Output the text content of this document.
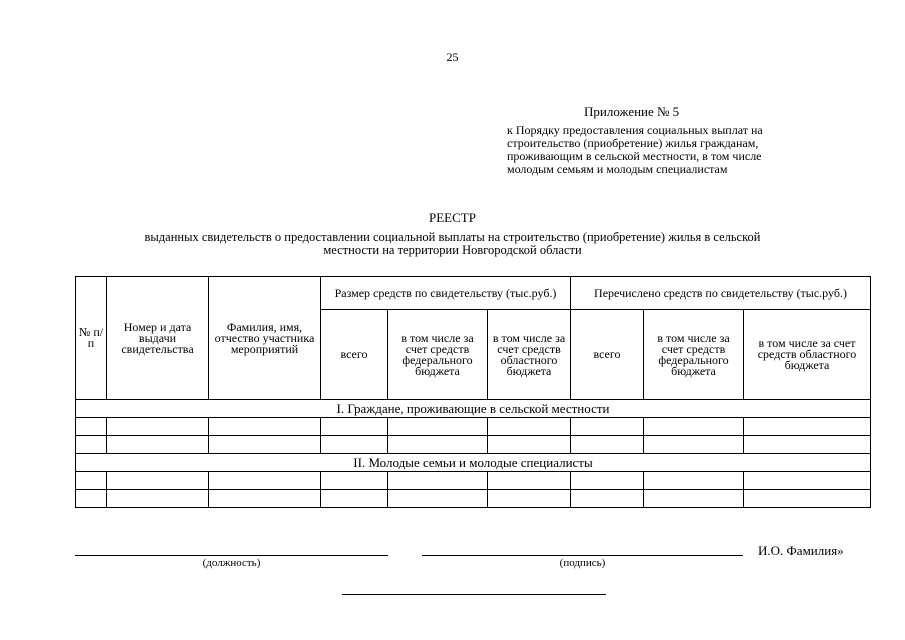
25
Приложение № 5
к Порядку предоставления социальных выплат на строительство (приобретение) жилья гражданам, проживающим в сельской местности, в том числе молодым семьям и молодым специалистам
РЕЕСТР
выданных свидетельств о предоставлении социальной выплаты на строительство (приобретение) жилья в сельской местности на территории Новгородской области
№ п/п	Номер и дата выдачи свидетельства	Фамилия, имя, отчество участника мероприятий	Размер средств по свидетельству (тыс.руб.)			Перечислено средств по свидетельству (тыс.руб.)		
			всего	в том числе за счет средств федерального бюджета	в том числе за счет средств областного бюджета	всего	в том числе за счет средств федерального бюджета	в том числе за счет средств областного бюджета
I. Граждане, проживающие в сельской местности								

II. Молодые семьи и молодые специалисты								

(должность)	(подпись)
И.О. Фамилия»
